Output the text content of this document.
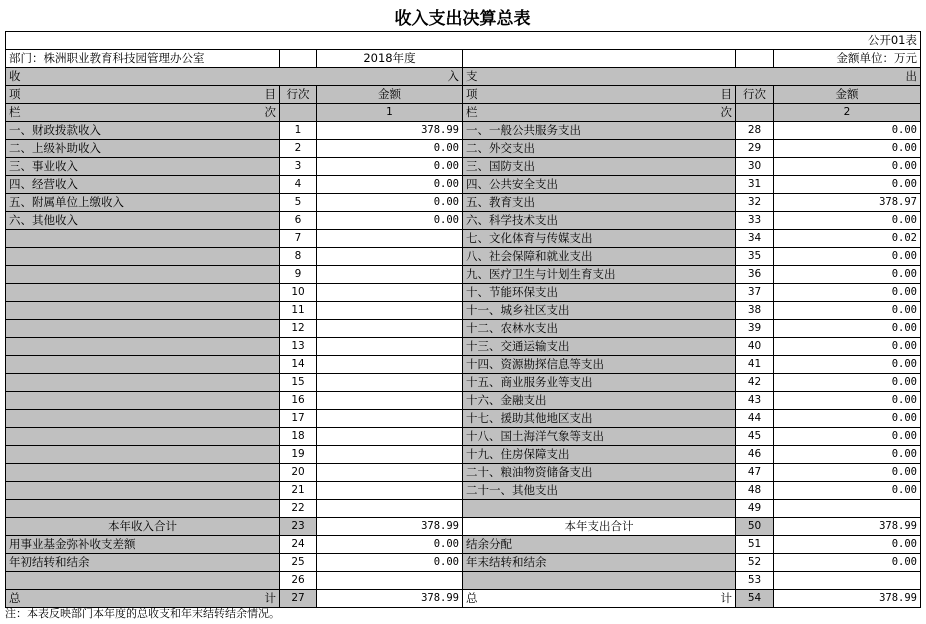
收入支出决算总表
公开01表					
部门：株洲职业教育科技园管理办公室		2018年度			金额单位：万元

收 入			支 出		

项 目	行次	金额	项 目	行次	金额

栏 次		1	栏 次		2
一、财政拨款收入	1	378.99	一、一般公共服务支出	28	0.00
二、上级补助收入	2	0.00	二、外交支出	29	0.00
三、事业收入	3	0.00	三、国防支出	30	0.00
四、经营收入	4	0.00	四、公共安全支出	31	0.00
五、附属单位上缴收入	5	0.00	五、教育支出	32	378.97
六、其他收入	6	0.00	六、科学技术支出	33	0.00
	7		七、文化体育与传媒支出	34	0.02
	8		八、社会保障和就业支出	35	0.00
	9		九、医疗卫生与计划生育支出	36	0.00
	10		十、节能环保支出	37	0.00
	11		十一、城乡社区支出	38	0.00
	12		十二、农林水支出	39	0.00
	13		十三、交通运输支出	40	0.00
	14		十四、资源勘探信息等支出	41	0.00
	15		十五、商业服务业等支出	42	0.00
	16		十六、金融支出	43	0.00
	17		十七、援助其他地区支出	44	0.00
	18		十八、国土海洋气象等支出	45	0.00
	19		十九、住房保障支出	46	0.00
	20		二十、粮油物资储备支出	47	0.00
	21		二十一、其他支出	48	0.00
	22			49	
本年收入合计	23	378.99	本年支出合计	50	378.99
用事业基金弥补收支差额	24	0.00	结余分配	51	0.00
年初结转和结余	25	0.00	年末结转和结余	52	0.00
	26			53	

总 计	27	378.99	总 计	54	378.99
注：本表反映部门本年度的总收支和年末结转结余情况。
